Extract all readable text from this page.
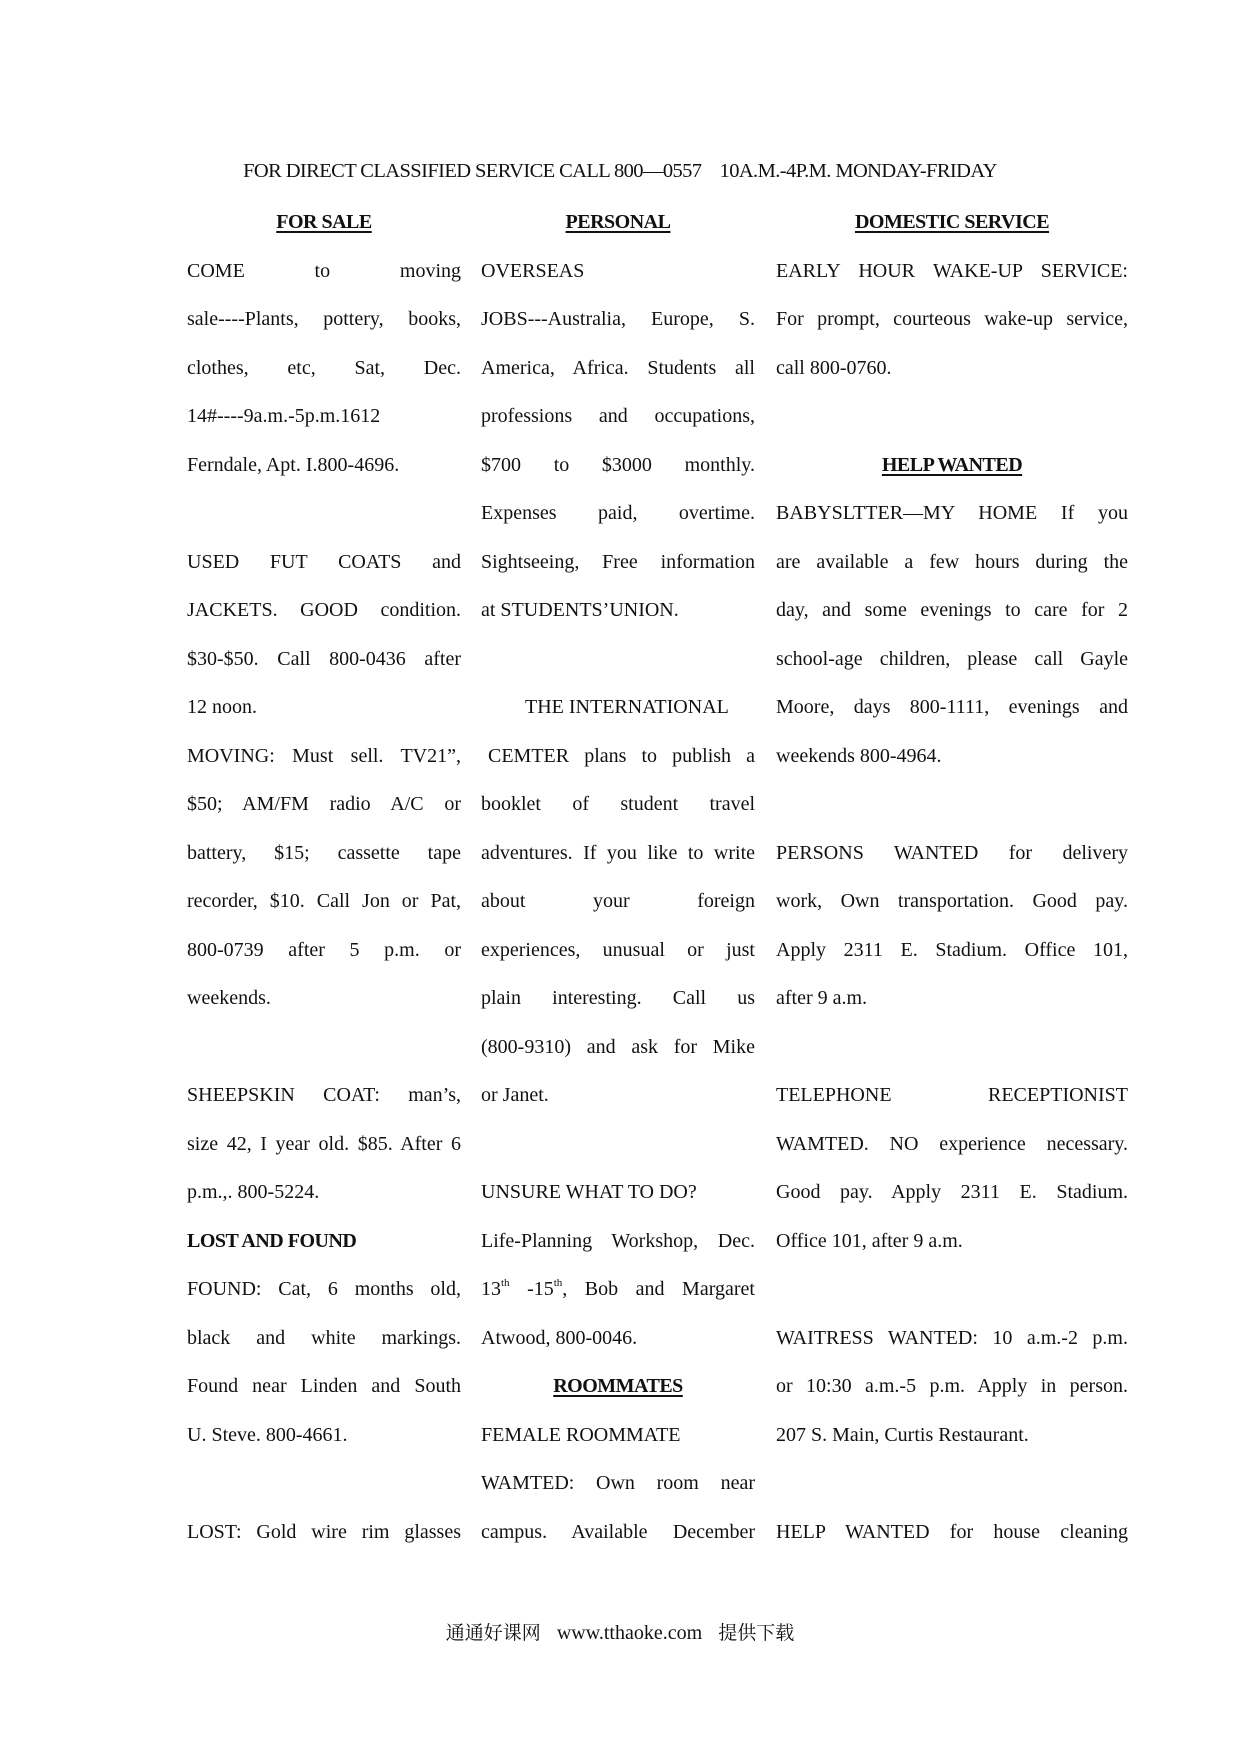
FOR DIRECT CLASSIFIED SERVICE CALL 800—0557    10A.M.-4P.M. MONDAY-FRIDAY
FOR SALE
COME to moving
sale----Plants, pottery, books,
clothes, etc, Sat, Dec.
14#----9a.m.-5p.m.1612
Ferndale, Apt. I.800-4696.
USED FUT COATS and
JACKETS. GOOD condition.
$30-$50. Call 800-0436 after
12 noon.
MOVING: Must sell. TV21”,
$50; AM/FM radio A/C or
battery, $15; cassette tape
recorder, $10. Call Jon or Pat,
800-0739 after 5 p.m. or
weekends.
SHEEPSKIN COAT: man’s,
size 42, I year old. $85. After 6
p.m.,. 800-5224.
LOST AND FOUND
FOUND: Cat, 6 months old,
black and white markings.
Found near Linden and South
U. Steve. 800-4661.
LOST: Gold wire rim glasses
PERSONAL
OVERSEAS
JOBS---Australia, Europe, S.
America, Africa. Students all
professions and occupations,
$700 to $3000 monthly.
Expenses paid, overtime.
Sightseeing, Free information
at STUDENTS’UNION.
THE INTERNATIONAL
CEMTER plans to publish a
booklet of student travel
adventures. If you like to write
about your foreign
experiences, unusual or just
plain interesting. Call us
(800-9310) and ask for Mike
or Janet.
UNSURE WHAT TO DO?
Life-Planning Workshop, Dec.
13th -15th, Bob and Margaret
Atwood, 800-0046.
ROOMMATES
FEMALE ROOMMATE
WAMTED: Own room near
campus. Available December
DOMESTIC SERVICE
EARLY HOUR WAKE-UP SERVICE:
For prompt, courteous wake-up service,
call 800-0760.
HELP WANTED
BABYSLTTER—MY HOME If you
are available a few hours during the
day, and some evenings to care for 2
school-age children, please call Gayle
Moore, days 800-1111, evenings and
weekends 800-4964.
PERSONS WANTED for delivery
work, Own transportation. Good pay.
Apply 2311 E. Stadium. Office 101,
after 9 a.m.
TELEPHONE RECEPTIONIST
WAMTED. NO experience necessary.
Good pay. Apply 2311 E. Stadium.
Office 101, after 9 a.m.
WAITRESS WANTED: 10 a.m.-2 p.m.
or 10:30 a.m.-5 p.m. Apply in person.
207 S. Main, Curtis Restaurant.
HELP WANTED for house cleaning
通通好课网 www.tthaoke.com 提供下载
